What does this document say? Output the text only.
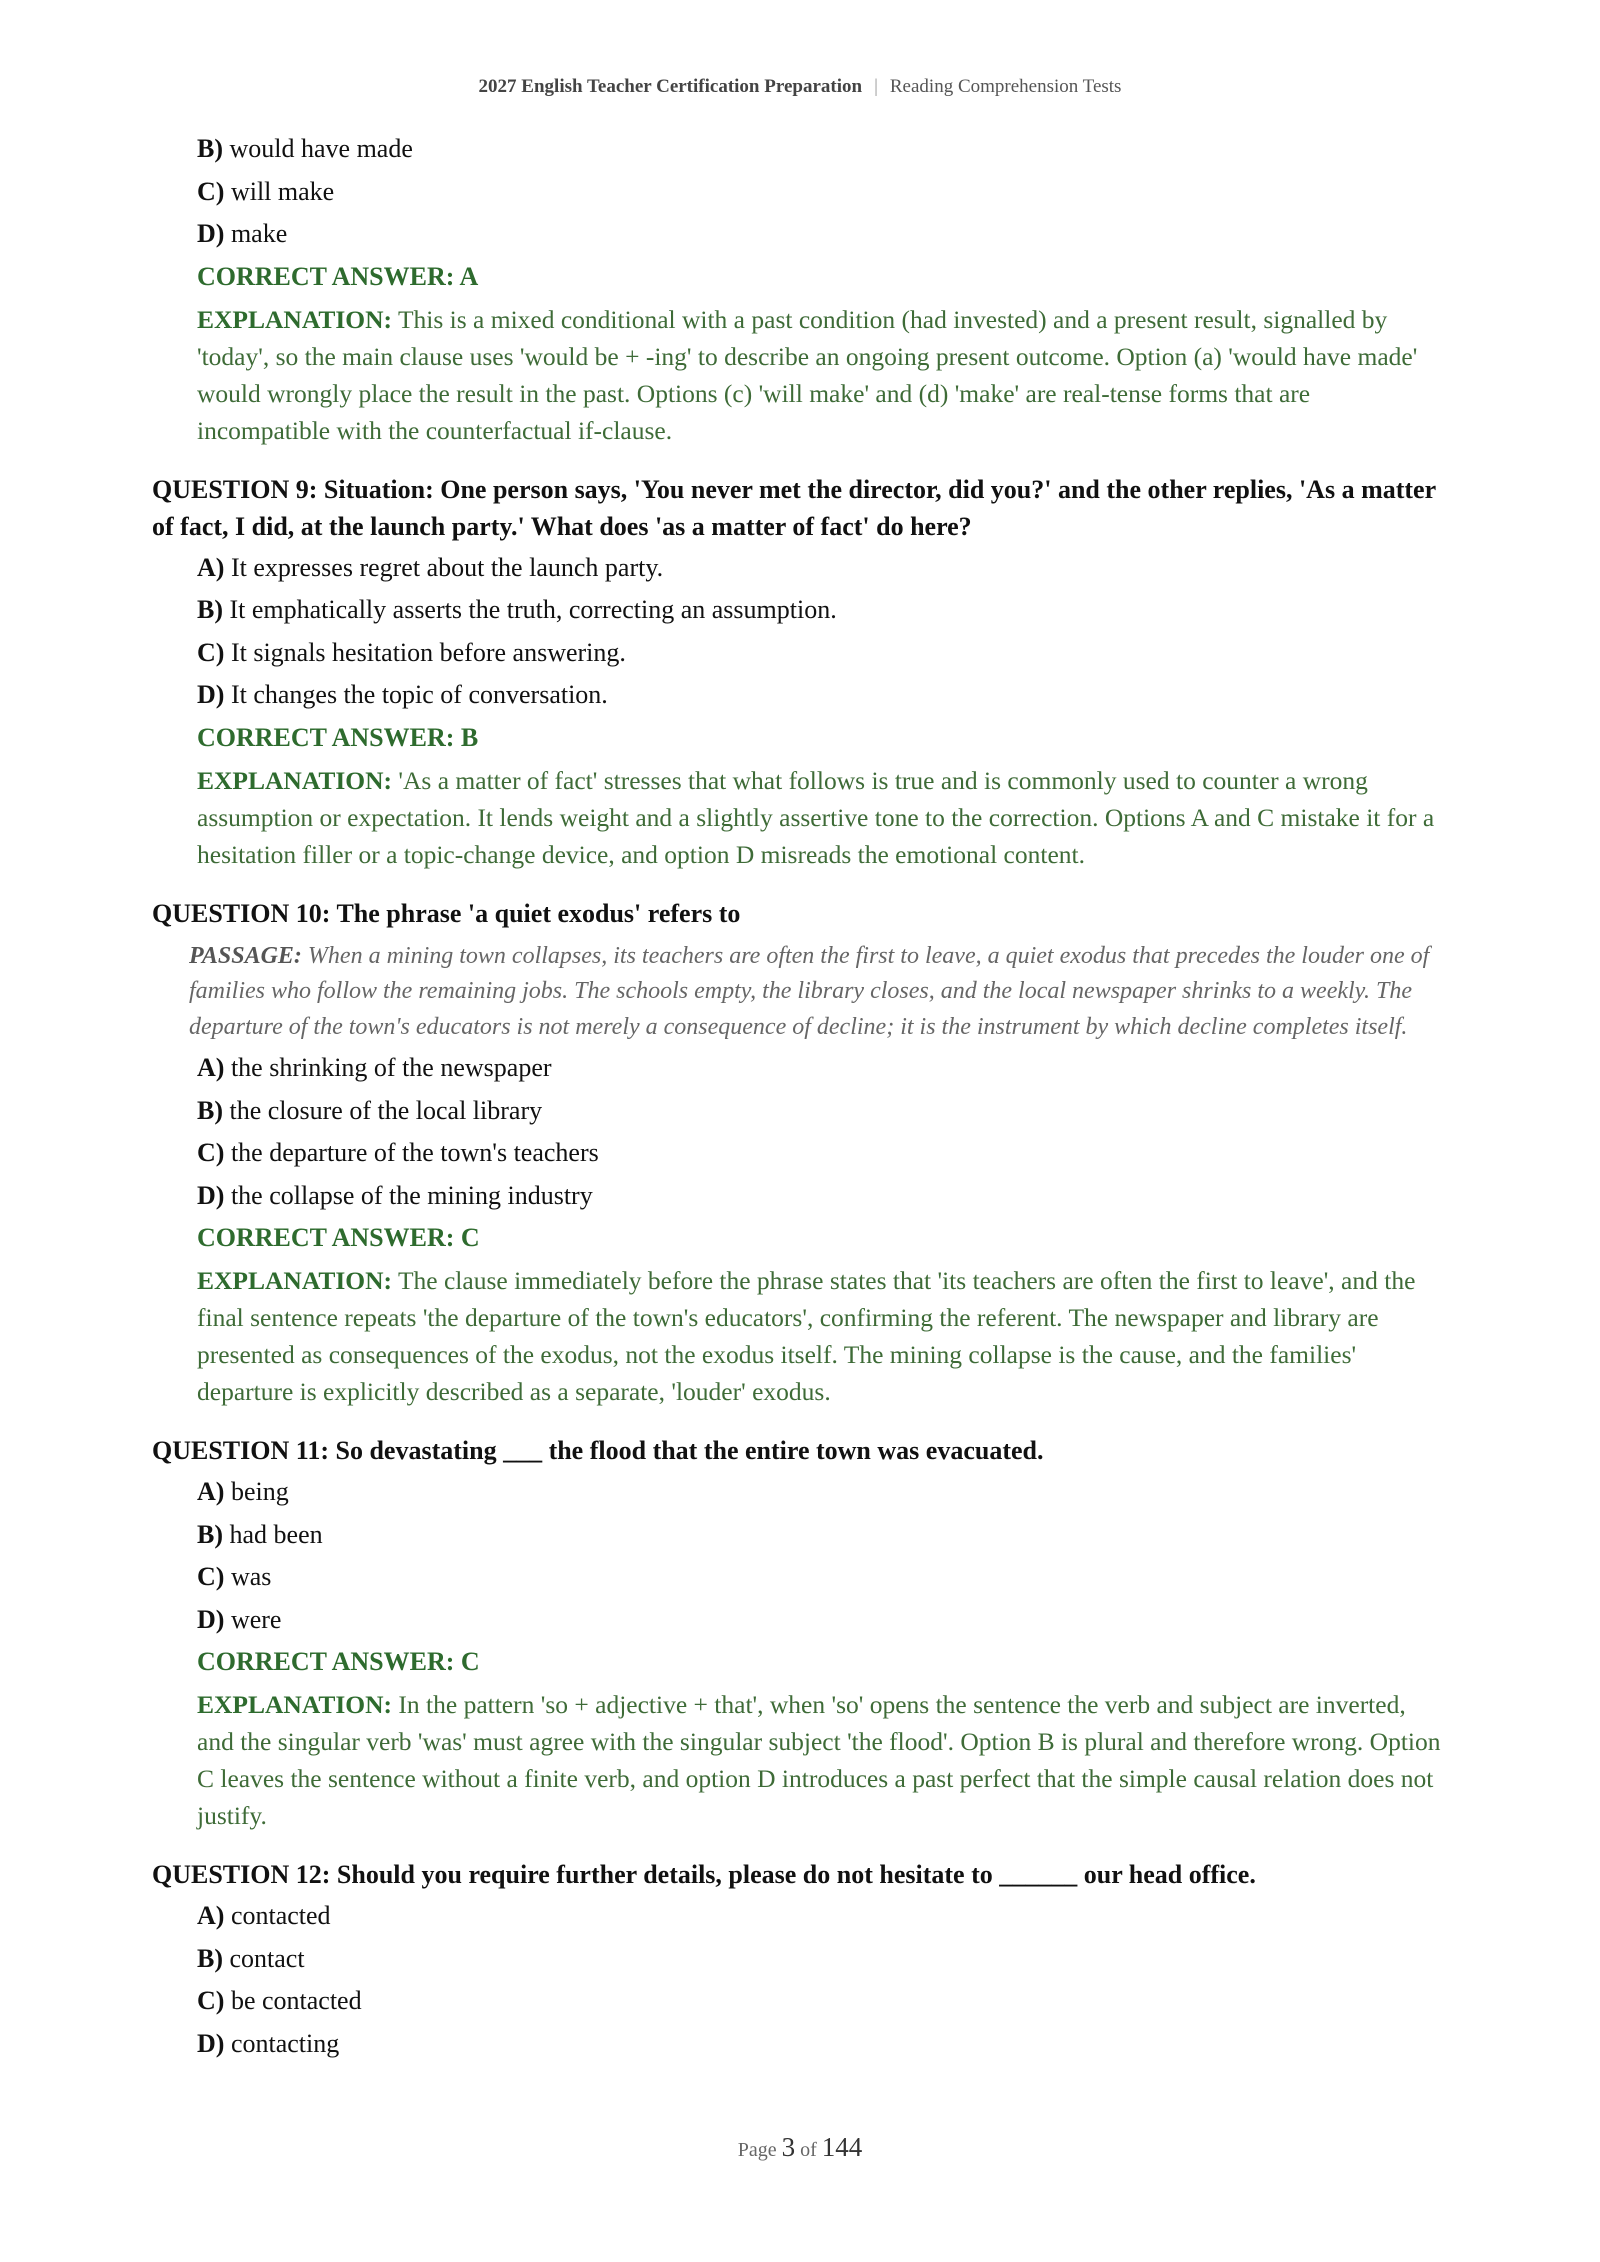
2027 English Teacher Certification Preparation | Reading Comprehension Tests
B) would have made
C) will make
D) make
CORRECT ANSWER: A
EXPLANATION: This is a mixed conditional with a past condition (had invested) and a present result, signalled by 'today', so the main clause uses 'would be + -ing' to describe an ongoing present outcome. Option (a) 'would have made' would wrongly place the result in the past. Options (c) 'will make' and (d) 'make' are real-tense forms that are incompatible with the counterfactual if-clause.
QUESTION 9: Situation: One person says, 'You never met the director, did you?' and the other replies, 'As a matter of fact, I did, at the launch party.' What does 'as a matter of fact' do here?
A) It expresses regret about the launch party.
B) It emphatically asserts the truth, correcting an assumption.
C) It signals hesitation before answering.
D) It changes the topic of conversation.
CORRECT ANSWER: B
EXPLANATION: 'As a matter of fact' stresses that what follows is true and is commonly used to counter a wrong assumption or expectation. It lends weight and a slightly assertive tone to the correction. Options A and C mistake it for a hesitation filler or a topic-change device, and option D misreads the emotional content.
QUESTION 10: The phrase 'a quiet exodus' refers to
PASSAGE: When a mining town collapses, its teachers are often the first to leave, a quiet exodus that precedes the louder one of families who follow the remaining jobs. The schools empty, the library closes, and the local newspaper shrinks to a weekly. The departure of the town's educators is not merely a consequence of decline; it is the instrument by which decline completes itself.
A) the shrinking of the newspaper
B) the closure of the local library
C) the departure of the town's teachers
D) the collapse of the mining industry
CORRECT ANSWER: C
EXPLANATION: The clause immediately before the phrase states that 'its teachers are often the first to leave', and the final sentence repeats 'the departure of the town's educators', confirming the referent. The newspaper and library are presented as consequences of the exodus, not the exodus itself. The mining collapse is the cause, and the families' departure is explicitly described as a separate, 'louder' exodus.
QUESTION 11: So devastating ___ the flood that the entire town was evacuated.
A) being
B) had been
C) was
D) were
CORRECT ANSWER: C
EXPLANATION: In the pattern 'so + adjective + that', when 'so' opens the sentence the verb and subject are inverted, and the singular verb 'was' must agree with the singular subject 'the flood'. Option B is plural and therefore wrong. Option C leaves the sentence without a finite verb, and option D introduces a past perfect that the simple causal relation does not justify.
QUESTION 12: Should you require further details, please do not hesitate to ______ our head office.
A) contacted
B) contact
C) be contacted
D) contacting
Page 3 of 144
